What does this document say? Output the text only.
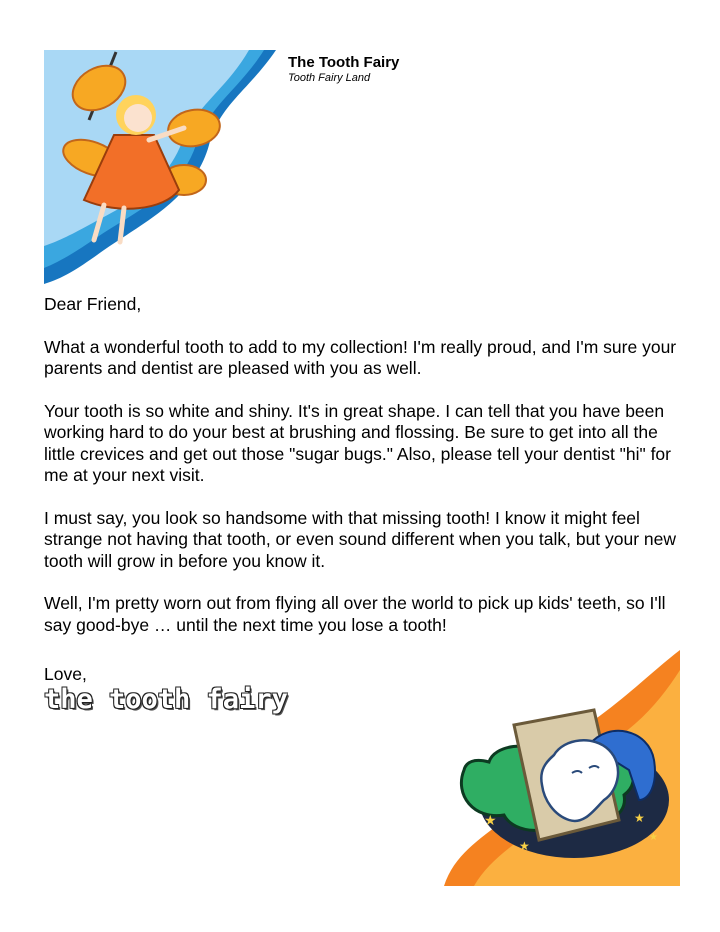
The Tooth Fairy
Tooth Fairy Land

Dear Friend,

What a wonderful tooth to add to my collection! I'm really proud, and I'm sure your parents and dentist are pleased with you as well.

Your tooth is so white and shiny. It's in great shape. I can tell that you have been working hard to do your best at brushing and flossing. Be sure to get into all the little crevices and get out those "sugar bugs." Also, please tell your dentist "hi" for me at your next visit.

I must say, you look so handsome with that missing tooth! I know it might feel strange not having that tooth, or even sound different when you talk, but your new tooth will grow in before you know it.

Well, I'm pretty worn out from flying all over the world to pick up kids' teeth, so I'll say good-bye … until the next time you lose a tooth!

Love,
the tooth fairy
★
★
★
★
